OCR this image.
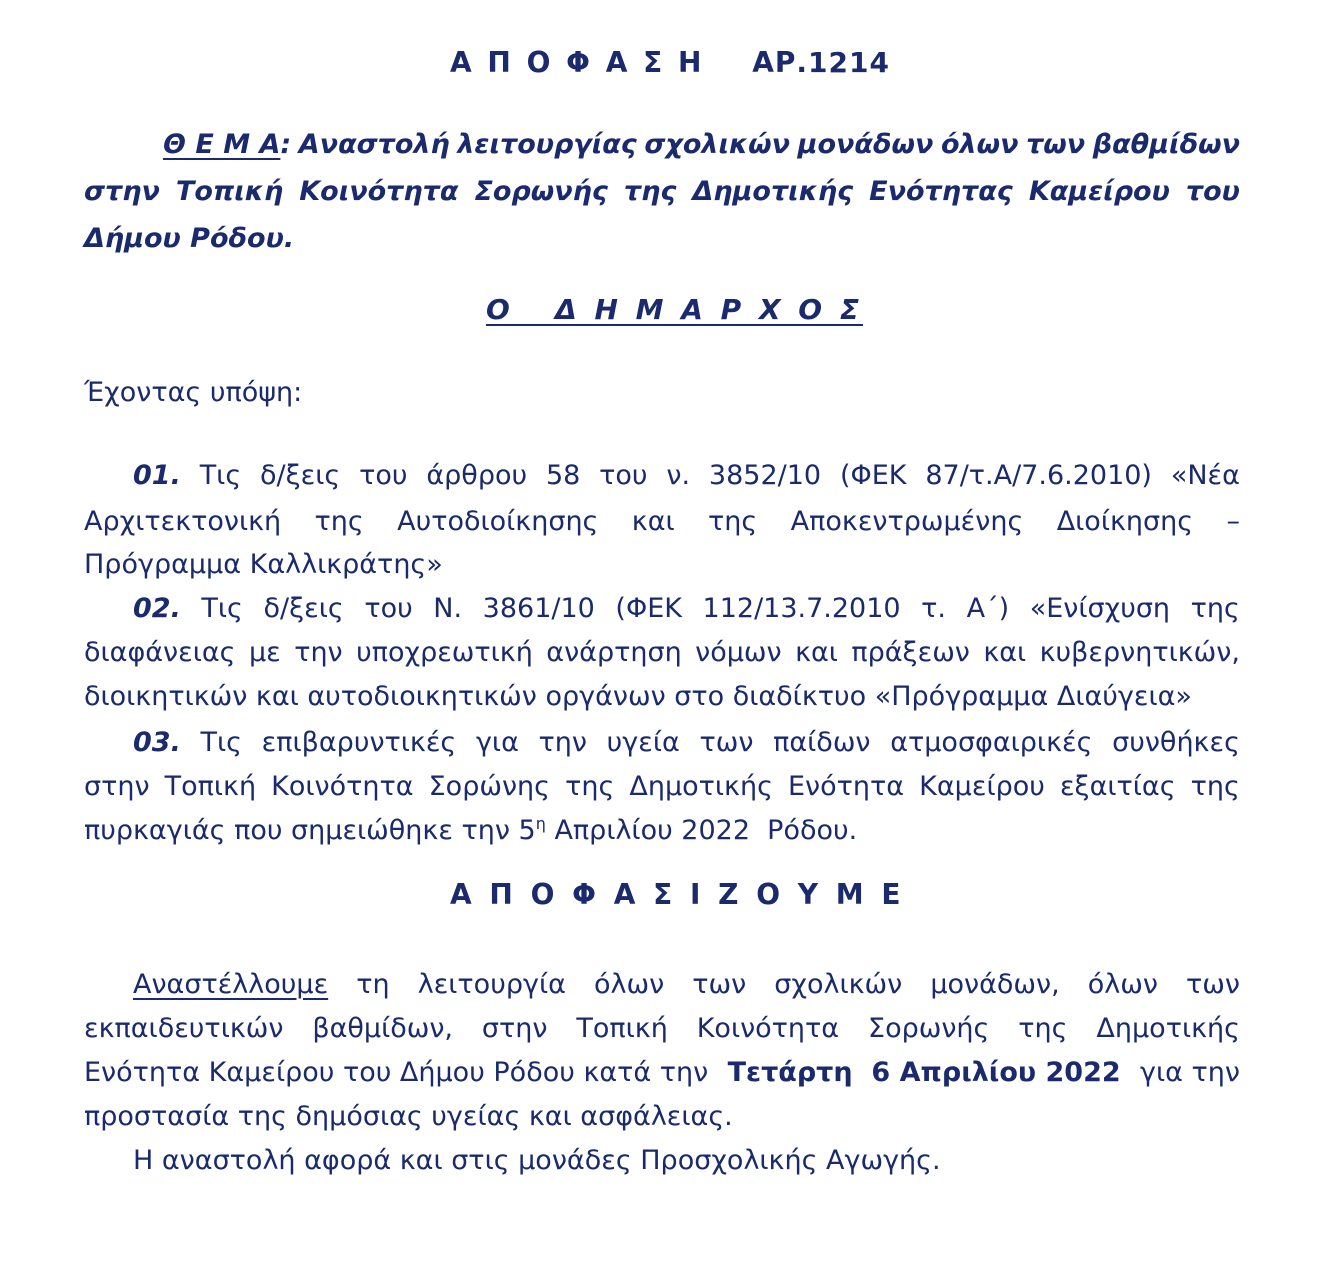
Α Π Ο Φ Α Σ Η ΑΡ.1214
Θ Ε Μ Α: Αναστολή λειτουργίας σχολικών μονάδων όλων των βαθμίδων
στην Τοπική Κοινότητα Σορωνής της Δημοτικής Ενότητας Καμείρου του
Δήμου Ρόδου.
Ο   Δ Η Μ Α Ρ Χ Ο Σ
Έχοντας υπόψη:
01. Τις δ/ξεις του άρθρου 58 του ν. 3852/10 (ΦΕΚ 87/τ.Α/7.6.2010) «Νέα
Αρχιτεκτονική της Αυτοδιοίκησης και της Αποκεντρωμένης Διοίκησης –
Πρόγραμμα Καλλικράτης»
02. Τις δ/ξεις του Ν. 3861/10 (ΦΕΚ 112/13.7.2010 τ. Α΄) «Ενίσχυση της
διαφάνειας με την υποχρεωτική ανάρτηση νόμων και πράξεων και κυβερνητικών,
διοικητικών και αυτοδιοικητικών οργάνων στο διαδίκτυο «Πρόγραμμα Διαύγεια»
03. Τις επιβαρυντικές για την υγεία των παίδων ατμοσφαιρικές συνθήκες
στην Τοπική Κοινότητα Σορώνης της Δημοτικής Ενότητα Καμείρου εξαιτίας της
πυρκαγιάς που σημειώθηκε την $5^\eta$ Απριλίου 2022  Ρόδου.
Α Π Ο Φ Α Σ Ι Ζ Ο Υ Μ Ε
Αναστέλλουμε τη λειτουργία όλων των σχολικών μονάδων, όλων των
εκπαιδευτικών βαθμίδων, στην Τοπική Κοινότητα Σορωνής της Δημοτικής
Ενότητα Καμείρου του Δήμου Ρόδου κατά την Τετάρτη  6 Απριλίου 2022 για την
προστασία της δημόσιας υγείας και ασφάλειας.
Η αναστολή αφορά και στις μονάδες Προσχολικής Αγωγής.
